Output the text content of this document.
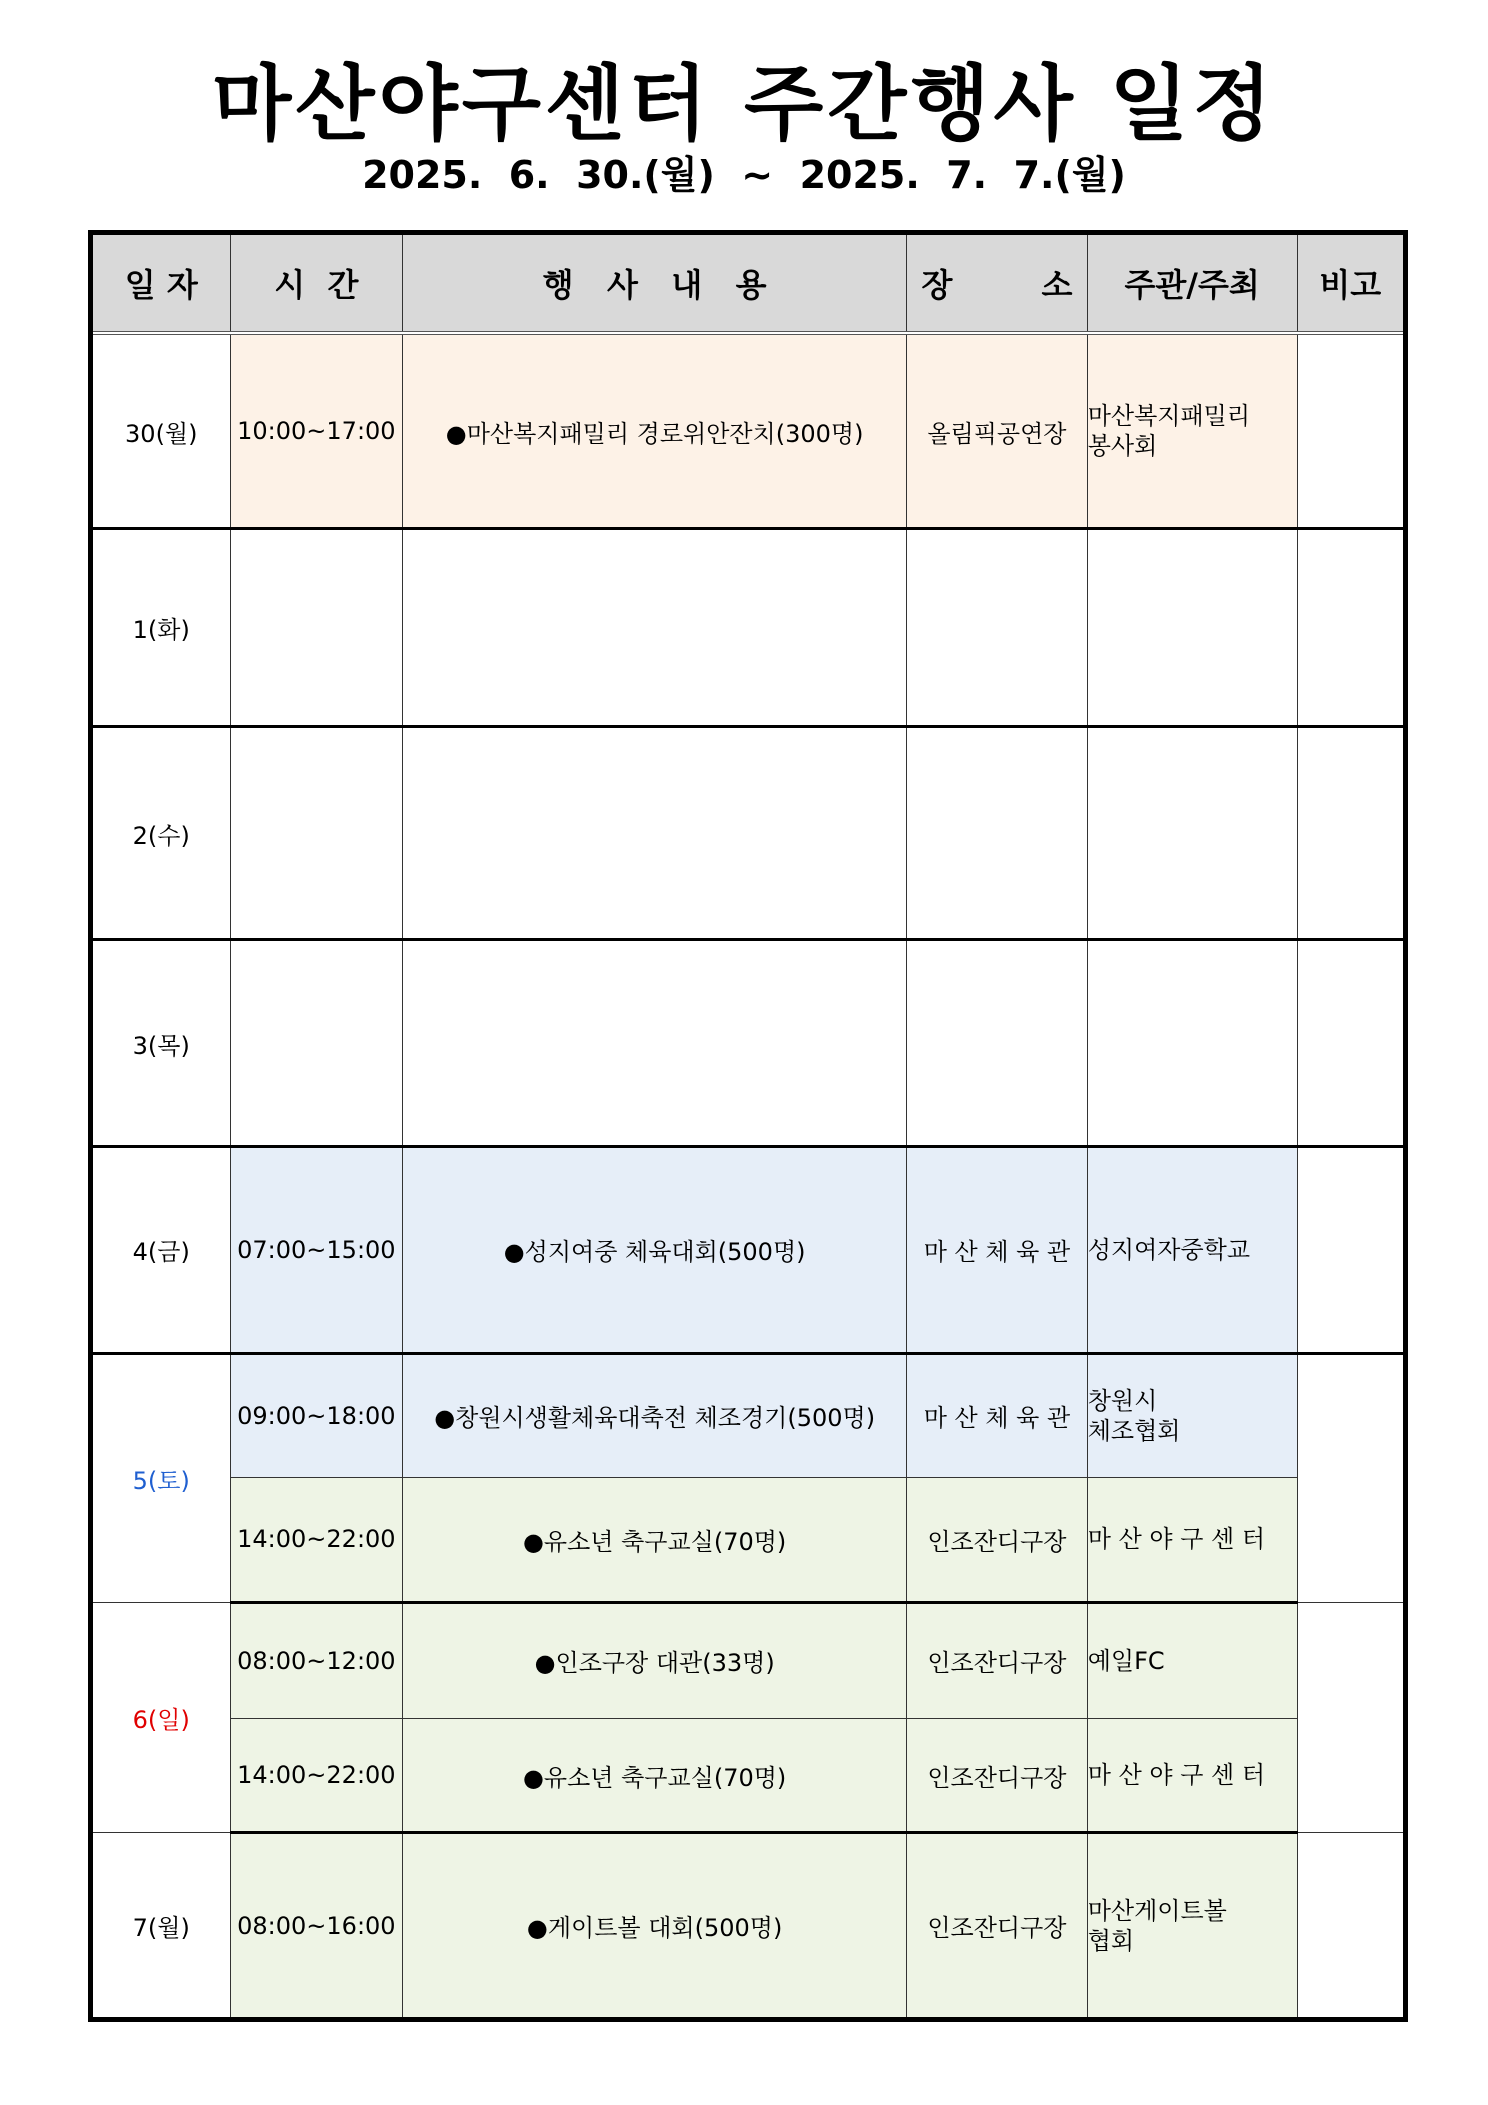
마산야구센터 주간행사 일정
2025.  6.  30.(월)  ~  2025.  7.  7.(월)
일 자	시  간	행   사   내   용	장        소	주관/주최	비고
30(월)	10:00~17:00	●마산복지패밀리 경로위안잔치(300명)	올림픽공연장	마산복지패밀리
봉사회	

1(화)					
2(수)					
3(목)					
4(금)	07:00~15:00	●성지여중 체육대회(500명)	마 산 체 육 관	성지여자중학교	

5(토)	09:00~18:00	●창원시생활체육대축전 체조경기(500명)	마 산 체 육 관	창원시
체조협회	

	14:00~22:00	●유소년 축구교실(70명)	인조잔디구장	마 산 야 구 센 터	

6(일)	08:00~12:00	●인조구장 대관(33명)	인조잔디구장	예일FC	

	14:00~22:00	●유소년 축구교실(70명)	인조잔디구장	마 산 야 구 센 터	

7(월)	08:00~16:00	●게이트볼 대회(500명)	인조잔디구장	마산게이트볼
협회	
